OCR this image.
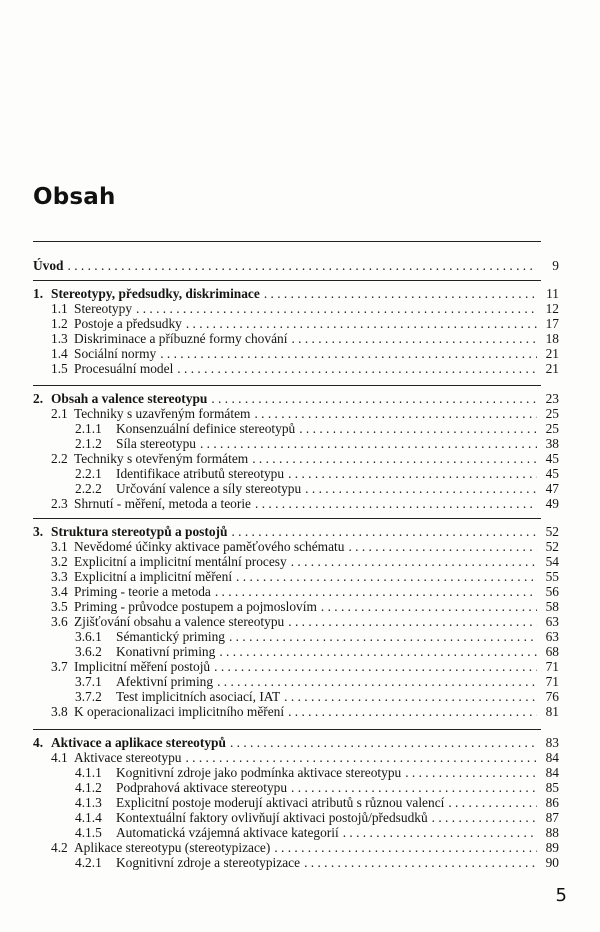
Obsah
Úvod . . .	9
1. Stereotypy, předsudky, diskriminace . . .	11
1.1 Stereotypy . . .	12
1.2 Postoje a předsudky . . .	17
1.3 Diskriminace a příbuzné formy chování . . .	18
1.4 Sociální normy . . .	21
1.5 Procesuální model . . .	21
2. Obsah a valence stereotypu . . .	23
2.1 Techniky s uzavřeným formátem . . .	25
2.1.1	Konsenzuální definice stereotypů . . .	25
2.1.2	Síla stereotypu . . .	38
2.2 Techniky s otevřeným formátem . . .	45
2.2.1	Identifikace atributů stereotypu . . .	45
2.2.2	Určování valence a síly stereotypu . . .	47
2.3 Shrnutí - měření, metoda a teorie . . .	49
3. Struktura stereotypů a postojů . . .	52
3.1 Nevědomé účinky aktivace paměťového schématu . . .	52
3.2 Explicitní a implicitní mentální procesy . . .	54
3.3 Explicitní a implicitní měření . . .	55
3.4 Priming - teorie a metoda . . .	56
3.5 Priming - průvodce postupem a pojmoslovím . . .	58
3.6 Zjišťování obsahu a valence stereotypu . . .	63
3.6.1	Sémantický priming . . .	63
3.6.2	Konativní priming . . .	68
3.7 Implicitní měření postojů . . .	71
3.7.1	Afektivní priming . . .	71
3.7.2	Test implicitních asociací, IAT . . .	76
3.8 K operacionalizaci implicitního měření . . .	81
4. Aktivace a aplikace stereotypů . . .	83
4.1 Aktivace stereotypu . . .	84
4.1.1	Kognitivní zdroje jako podmínka aktivace stereotypu . . .	84
4.1.2	Podprahová aktivace stereotypu . . .	85
4.1.3	Explicitní postoje moderují aktivaci atributů s různou valencí . . .	86
4.1.4	Kontextuální faktory ovlivňují aktivaci postojů/předsudků . . .	87
4.1.5	Automatická vzájemná aktivace kategorií . . .	88
4.2 Aplikace stereotypu (stereotypizace) . . .	89
4.2.1	Kognitivní zdroje a stereotypizace . . .	90
5
